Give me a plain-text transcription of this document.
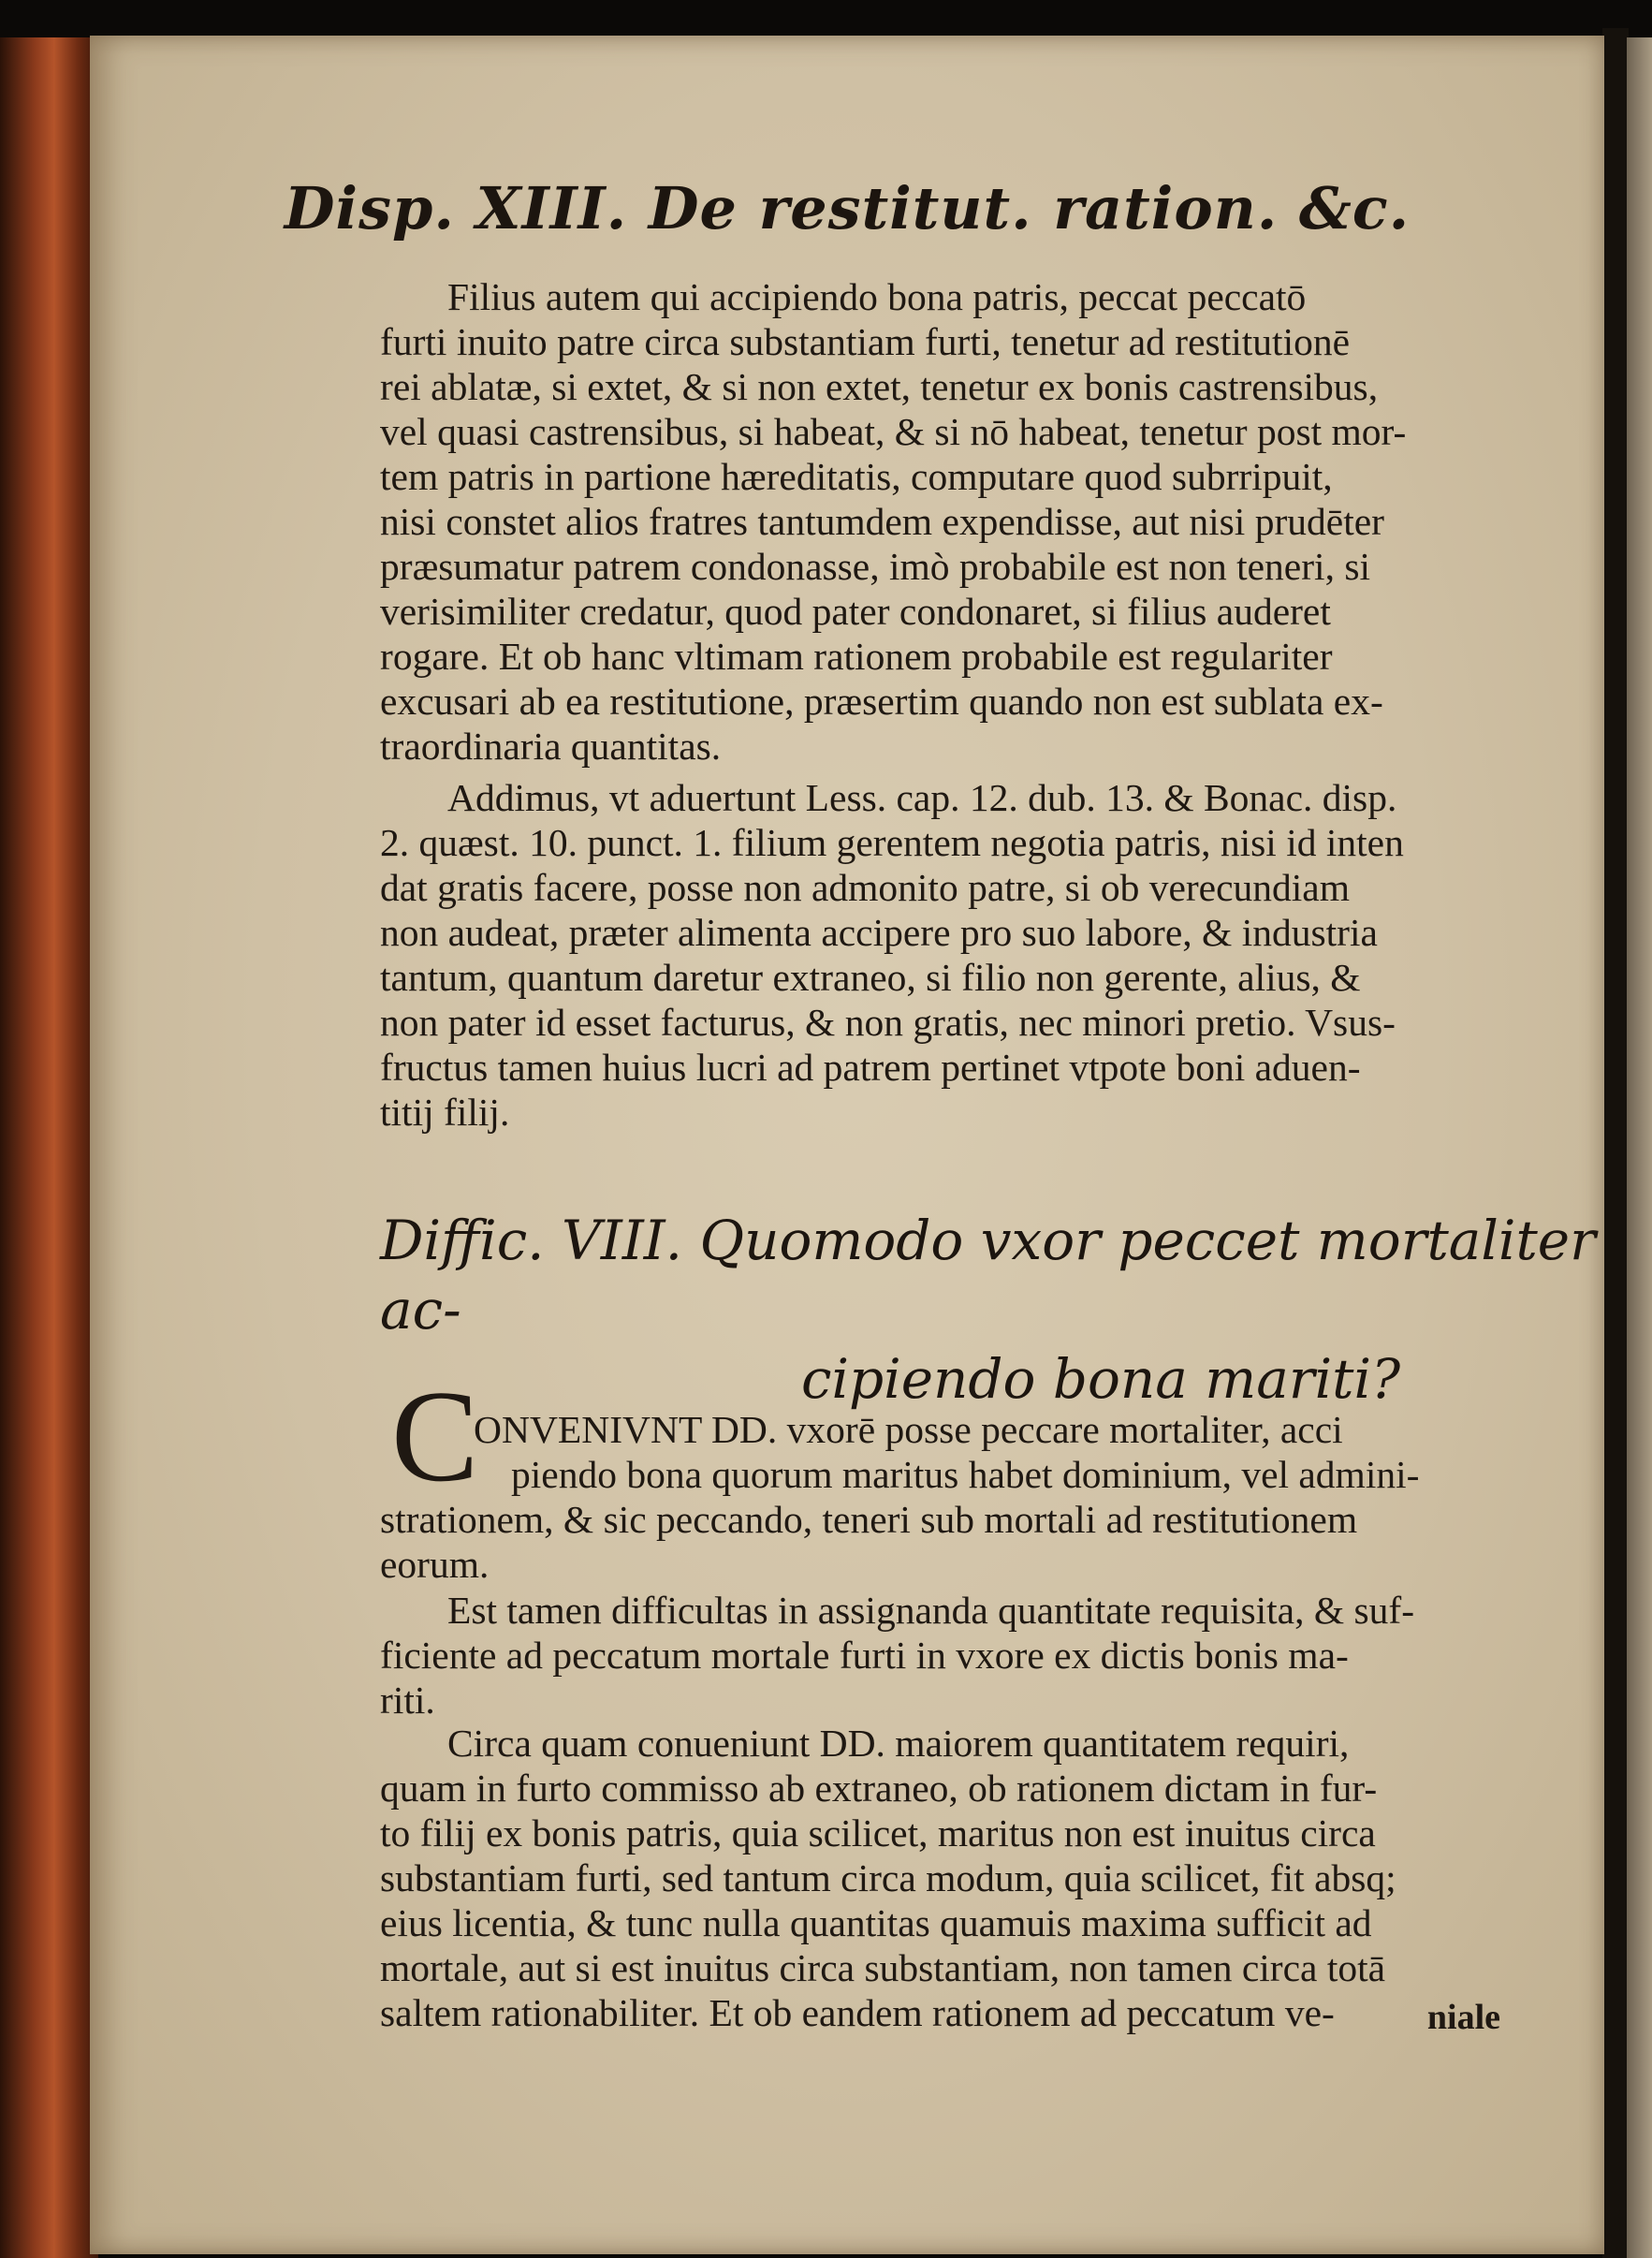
Disp. XIII. De restitut. ration. &c.
Filius autem qui accipiendo bona patris, peccat peccatō
furti inuito patre circa substantiam furti, tenetur ad restitutionē
rei ablatæ, si extet, & si non extet, tenetur ex bonis castrensibus,
vel quasi castrensibus, si habeat, & si nō habeat, tenetur post mor-
tem patris in partione hæreditatis, computare quod subrripuit,
nisi constet alios fratres tantumdem expendisse, aut nisi prudēter
præsumatur patrem condonasse, imò probabile est non teneri, si
verisimiliter credatur, quod pater condonaret, si filius auderet
rogare. Et ob hanc vltimam rationem probabile est regulariter
excusari ab ea restitutione, præsertim quando non est sublata ex-
traordinaria quantitas.
Addimus, vt aduertunt Less. cap. 12. dub. 13. & Bonac. disp.
2. quæst. 10. punct. 1. filium gerentem negotia patris, nisi id inten
dat gratis facere, posse non admonito patre, si ob verecundiam
non audeat, præter alimenta accipere pro suo labore, & industria
tantum, quantum daretur extraneo, si filio non gerente, alius, &
non pater id esset facturus, & non gratis, nec minori pretio. Vsus-
fructus tamen huius lucri ad patrem pertinet vtpote boni aduen-
titij filij.
Diffic. VIII. Quomodo vxor peccet mortaliter ac-
cipiendo bona mariti?
ONVENIVNT DD. vxorē posse peccare mortaliter, acci
piendo bona quorum maritus habet dominium, vel admini-
strationem, & sic peccando, teneri sub mortali ad restitutionem
eorum.
Est tamen difficultas in assignanda quantitate requisita, & suf-
ficiente ad peccatum mortale furti in vxore ex dictis bonis ma-
riti.
Circa quam conueniunt DD. maiorem quantitatem requiri,
quam in furto commisso ab extraneo, ob rationem dictam in fur-
to filij ex bonis patris, quia scilicet, maritus non est inuitus circa
substantiam furti, sed tantum circa modum, quia scilicet, fit absq;
eius licentia, & tunc nulla quantitas quamuis maxima sufficit ad
mortale, aut si est inuitus circa substantiam, non tamen circa totā
saltem rationabiliter. Et ob eandem rationem ad peccatum ve-	niale
C
